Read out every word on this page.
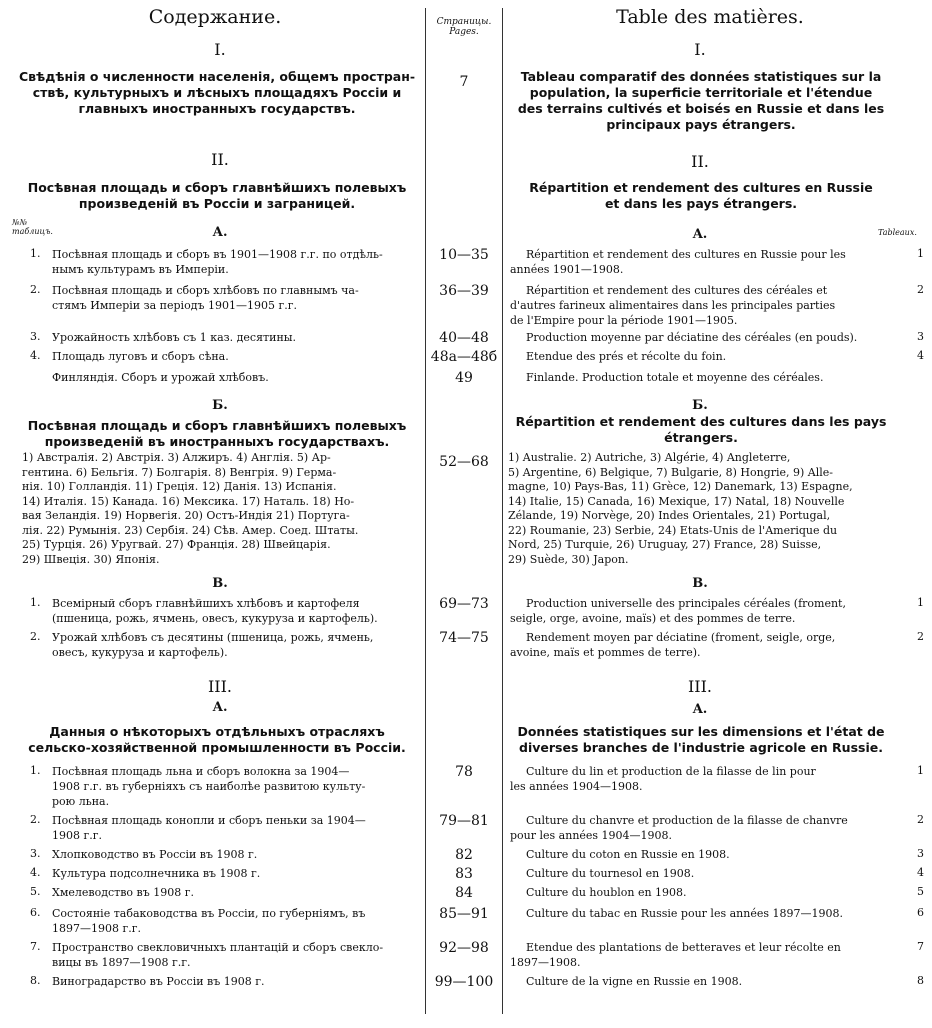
Содержание.	Страницы.
Pages.
Table des matières.
I.	I.
Свѣдѣнія о численности населенія, общемъ простран-
ствѣ, культурныхъ и лѣсныхъ площадяхъ Россіи и
главныхъ иностранныхъ государствъ.
7	Tableau comparatif des données statistiques sur la
population, la superficie territoriale et l'étendue
des terrains cultivés et boisés en Russie et dans les
principaux pays étrangers.
II.	II.
Посѣвная площадь и сборъ главнѣйшихъ полевыхъ
произведеній въ Россіи и заграницей.
Répartition et rendement des cultures en Russie
et dans les pays étrangers.
№№
таблицъ.	А.	A.	Tableaux.
1.	Посѣвная площадь и сборъ въ 1901—1908 г.г. по отдѣль-
нымъ культурамъ въ Имперіи.
10—35	Répartition et rendement des cultures en Russie pour les
années 1901—1908.
1
2.	Посѣвная площадь и сборъ хлѣбовъ по главнымъ ча-
стямъ Имперіи за періодъ 1901—1905 г.г.
36—39	Répartition et rendement des cultures des céréales et
d'autres farineux alimentaires dans les principales parties
de l'Empire pour la période 1901—1905.
2
3.	Урожайность хлѣбовъ съ 1 каз. десятины.	40—48	Production moyenne par déciatine des céréales (en pouds).	3
4.	Площадь луговъ и сборъ сѣна.	48а—48б	Etendue des prés et récolte du foin.	4
Финляндія. Сборъ и урожай хлѣбовъ.	49	Finlande. Production totale et moyenne des céréales.
Посѣвная площадь и сборъ главнѣйшихъ полевыхъ
произведеній въ иностранныхъ государствахъ.
Б.
Б.
Répartition et rendement des cultures dans les pays
étrangers.
1) Австралія. 2) Австрія. 3) Алжиръ. 4) Англія. 5) Ар-
гентина. 6) Бельгія. 7) Болгарія. 8) Венгрія. 9) Герма-
нія. 10) Голландія. 11) Греція. 12) Данія. 13) Испанія.
14) Италія. 15) Канада. 16) Мексика. 17) Наталь. 18) Но-
вая Зеландія. 19) Норвегія. 20) Остъ-Индія 21) Португа-
лія. 22) Румынія. 23) Сербія. 24) Сѣв. Амер. Соед. Штаты.
25) Турція. 26) Уругвай. 27) Франція. 28) Швейцарія.
29) Швеція. 30) Японія.
52—68	1) Australie. 2) Autriche, 3) Algérie, 4) Angleterre,
5) Argentine, 6) Belgique, 7) Bulgarie, 8) Hongrie, 9) Alle-
magne, 10) Pays-Bas, 11) Grèce, 12) Danemark, 13) Espagne,
14) Italie, 15) Canada, 16) Mexique, 17) Natal, 18) Nouvelle
Zélande, 19) Norvège, 20) Indes Orientales, 21) Portugal,
22) Roumanie, 23) Serbie, 24) Etats-Unis de l'Amerique du
Nord, 25) Turquie, 26) Uruguay, 27) France, 28) Suisse,
29) Suède, 30) Japon.
В.	B.
1.	Всемірный сборъ главнѣйшихъ хлѣбовъ и картофеля
(пшеница, рожь, ячмень, овесъ, кукуруза и картофель).
69—73	Production universelle des principales céréales (froment,
seigle, orge, avoine, maïs) et des pommes de terre.
1
2.	Урожай хлѣбовъ съ десятины (пшеница, рожь, ячмень,
овесъ, кукуруза и картофель).
74—75	Rendement moyen par déciatine (froment, seigle, orge,
avoine, maïs et pommes de terre).
2
III.	III.
А.	A.
Данныя о нѣкоторыхъ отдѣльныхъ отрасляхъ
сельско-хозяйственной промышленности въ Россіи.
Données statistiques sur les dimensions et l'état de
diverses branches de l'industrie agricole en Russie.
1.	Посѣвная площадь льна и сборъ волокна за 1904—
1908 г.г. въ губерніяхъ съ наиболѣе развитою культу-
рою льна.
78	Culture du lin et production de la filasse de lin pour
les années 1904—1908.
1
2.	Посѣвная площадь конопли и сборъ пеньки за 1904—
1908 г.г.
79—81	Culture du chanvre et production de la filasse de chanvre
pour les années 1904—1908.
2
3.	Хлопководство въ Россіи въ 1908 г.	82	Culture du coton en Russie en 1908.	3
4.	Культура подсолнечника въ 1908 г.	83	Culture du tournesol en 1908.	4
5.	Хмелеводство въ 1908 г.	84	Culture du houblon en 1908.	5
6.	Состояніе табаководства въ Россіи, по губерніямъ, въ
1897—1908 г.г.
85—91	Culture du tabac en Russie pour les années 1897—1908.	6
7.	Пространство свекловичныхъ плантацій и сборъ свекло-
вицы въ 1897—1908 г.г.
92—98	Etendue des plantations de betteraves et leur récolte en
1897—1908.
7
8.	Виноградарство въ Россіи въ 1908 г.	99—100	Culture de la vigne en Russie en 1908.	8
